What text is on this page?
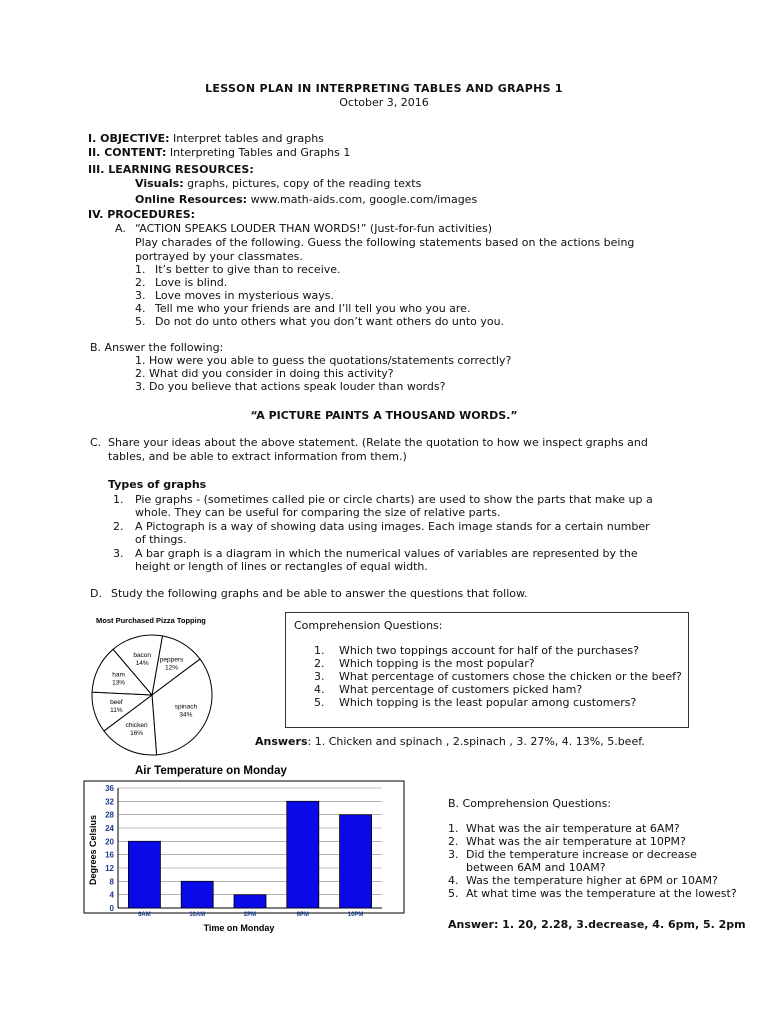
LESSON PLAN IN INTERPRETING TABLES AND GRAPHS 1
October 3, 2016
I. OBJECTIVE: Interpret tables and graphs
II. CONTENT: Interpreting Tables and Graphs 1
III. LEARNING RESOURCES:
Visuals: graphs, pictures, copy of the reading texts
Online Resources: www.math-aids.com, google.com/images
IV. PROCEDURES:
A. “ACTION SPEAKS LOUDER THAN WORDS!” (Just-for-fun activities)
Play charades of the following. Guess the following statements based on the actions being
portrayed by your classmates.
1. It’s better to give than to receive.
2. Love is blind.
3. Love moves in mysterious ways.
4. Tell me who your friends are and I’ll tell you who you are.
5. Do not do unto others what you don’t want others do unto you.
B. Answer the following:
1. How were you able to guess the quotations/statements correctly?
2. What did you consider in doing this activity?
3. Do you believe that actions speak louder than words?
“A PICTURE PAINTS A THOUSAND WORDS.”
C. Share your ideas about the above statement. (Relate the quotation to how we inspect graphs and
tables, and be able to extract information from them.)
Types of graphs
1. Pie graphs - (sometimes called pie or circle charts) are used to show the parts that make up a
whole. They can be useful for comparing the size of relative parts.
2. A Pictograph is a way of showing data using images. Each image stands for a certain number
of things.
3. A bar graph is a diagram in which the numerical values of variables are represented by the
height or length of lines or rectangles of equal width.
D. Study the following graphs and be able to answer the questions that follow.
Most Purchased Pizza Topping
peppers
12%
spinach
34%
chicken
16%
beef
11%
ham
13%
bacon
14%
Comprehension Questions:
1. Which two toppings account for half of the purchases?
2. Which topping is the most popular?
3. What percentage of customers chose the chicken or the beef?
4. What percentage of customers picked ham?
5. Which topping is the least popular among customers?
Answers: 1. Chicken and spinach , 2.spinach , 3. 27%, 4. 13%, 5.beef.
Air Temperature on Monday
0
4
8
12
16
20
24
28
32
36
6AM	10AM	2PM	6PM	10PM
Degrees Celsius
Time on Monday
B. Comprehension Questions:
1. What was the air temperature at 6AM?
2. What was the air temperature at 10PM?
3. Did the temperature increase or decrease
between 6AM and 10AM?
4. Was the temperature higher at 6PM or 10AM?
5. At what time was the temperature at the lowest?
Answer: 1. 20, 2.28, 3.decrease, 4. 6pm, 5. 2pm
